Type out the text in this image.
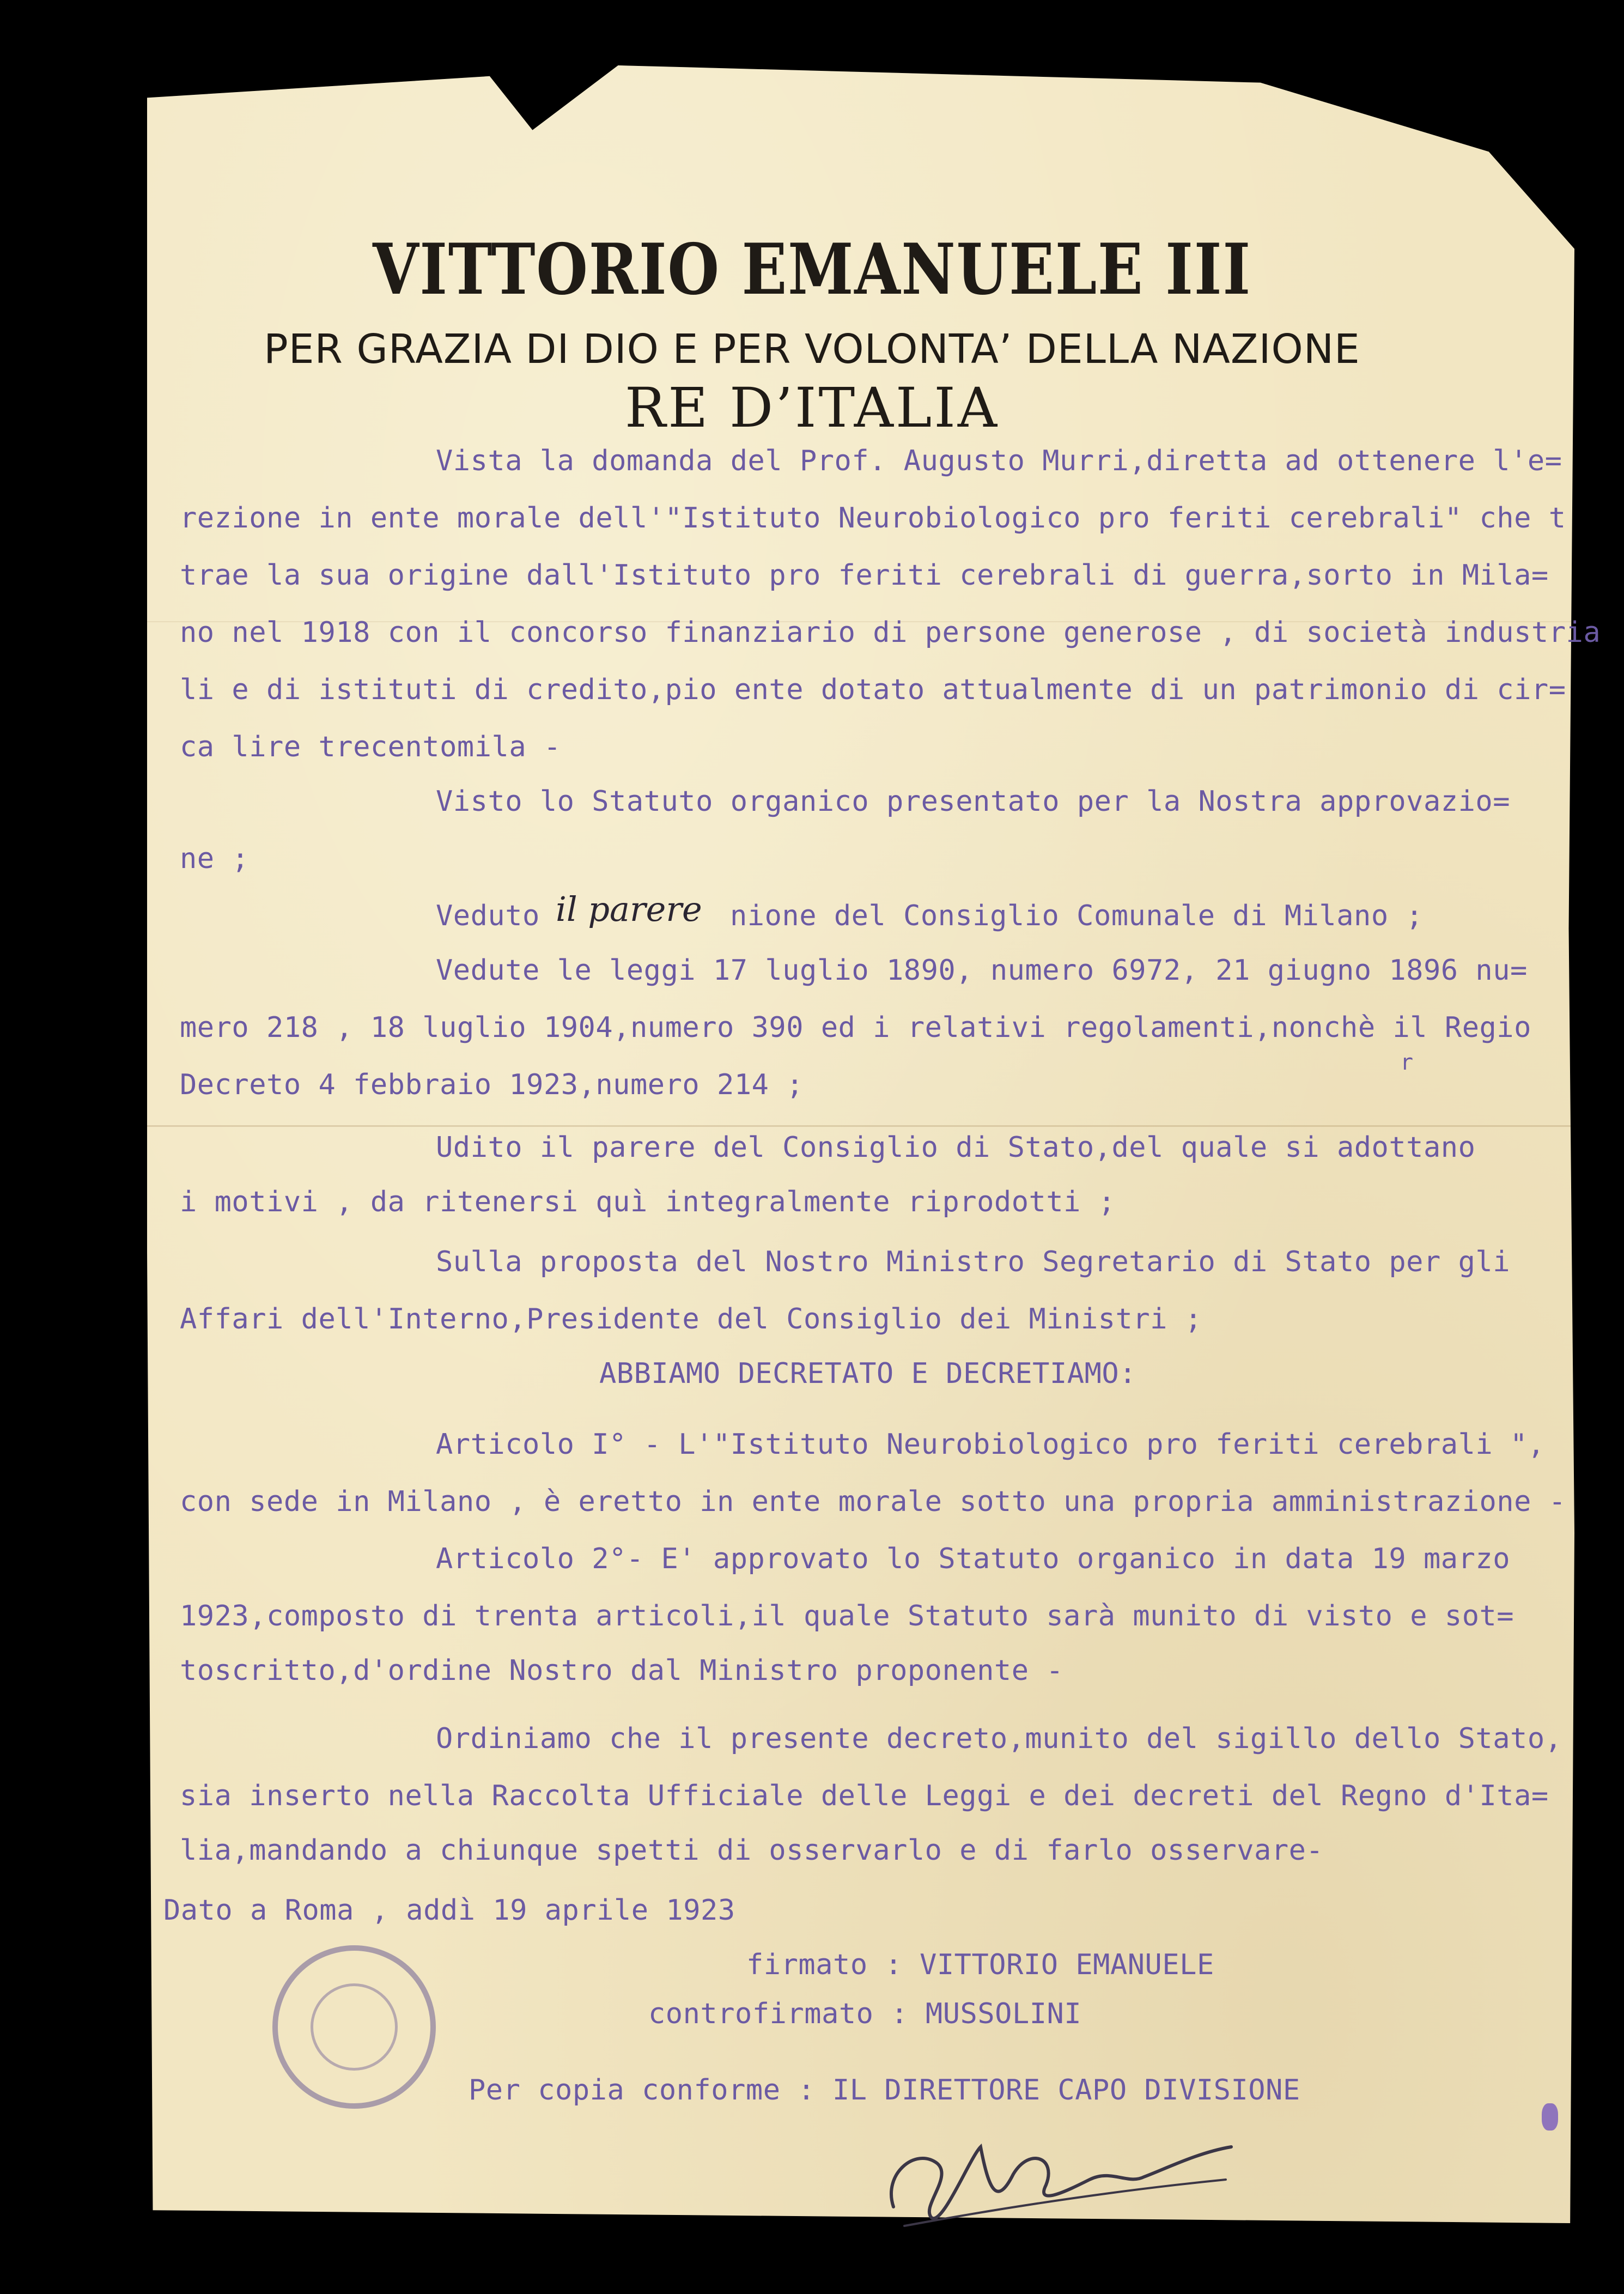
VITTORIO EMANUELE III
PER GRAZIA DI DIO E PER VOLONTA’ DELLA NAZIONE
RE D’ITALIA
Vista la domanda del Prof. Augusto Murri,diretta ad ottenere l'e=
rezione in ente morale dell'"Istituto Neurobiologico pro feriti cerebrali" che t
trae la sua origine dall'Istituto pro feriti cerebrali di guerra,sorto in Mila=
no nel 1918 con il concorso finanziario di persone generose , di società industria
li e di istituti di credito,pio ente dotato attualmente di un patrimonio di cir=
ca lire trecentomila -
Visto lo Statuto organico presentato per la Nostra approvazio=
ne ;
Veduto il parere nione del Consiglio Comunale di Milano ;
Vedute le leggi 17 luglio 1890, numero 6972, 21 giugno 1896 nu=
mero 218 , 18 luglio 1904,numero 390 ed i relativi regolamenti,nonchè il Regio
r
Decreto 4 febbraio 1923,numero 214 ;
Udito il parere del Consiglio di Stato,del quale si adottano
i motivi , da ritenersi quì integralmente riprodotti ;
Sulla proposta del Nostro Ministro Segretario di Stato per gli
Affari dell'Interno,Presidente del Consiglio dei Ministri ;
ABBIAMO DECRETATO E DECRETIAMO:
Articolo I° - L'"Istituto Neurobiologico pro feriti cerebrali ",
con sede in Milano , è eretto in ente morale sotto una propria amministrazione -
Articolo 2°- E' approvato lo Statuto organico in data 19 marzo
1923,composto di trenta articoli,il quale Statuto sarà munito di visto e sot=
toscritto,d'ordine Nostro dal Ministro proponente -
Ordiniamo che il presente decreto,munito del sigillo dello Stato,
sia inserto nella Raccolta Ufficiale delle Leggi e dei decreti del Regno d'Ita=
lia,mandando a chiunque spetti di osservarlo e di farlo osservare-
Dato a Roma , addì 19 aprile 1923
firmato : VITTORIO EMANUELE
controfirmato : MUSSOLINI
Per copia conforme : IL DIRETTORE CAPO DIVISIONE
